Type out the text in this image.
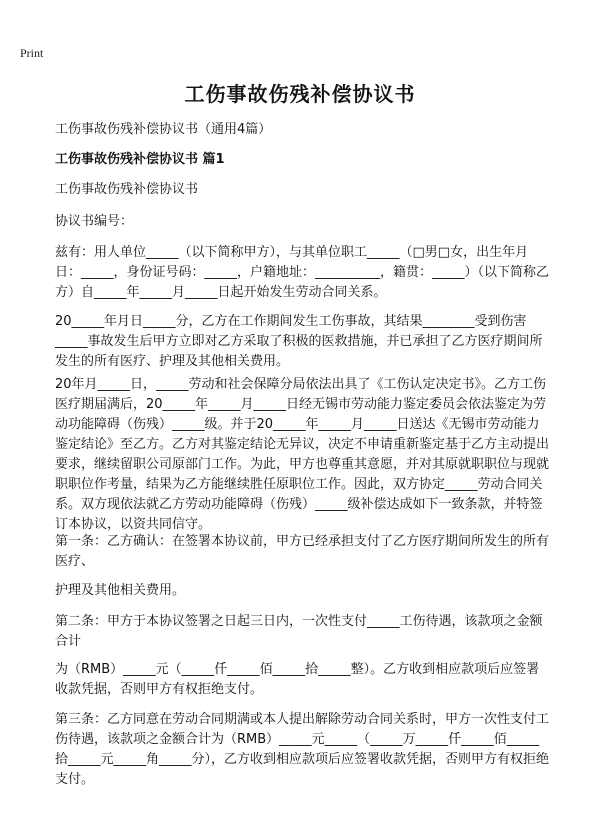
Print
工伤事故伤残补偿协议书

工伤事故伤残补偿协议书（通用4篇）

工伤事故伤残补偿协议书 篇1

工伤事故伤残补偿协议书

协议书编号：

兹有：用人单位_____（以下简称甲方），与其单位职工_____（□男□女，出生年月日：_____，身份证号码：_____，户籍地址：__________，籍贯：_____）（以下简称乙方）自_____年_____月_____日起开始发生劳动合同关系。

20_____年月日_____分，乙方在工作期间发生工伤事故，其结果________受到伤害_____事故发生后甲方立即对乙方采取了积极的医救措施，并已承担了乙方医疗期间所发生的所有医疗、护理及其他相关费用。

20年月_____日，_____劳动和社会保障分局依法出具了《工伤认定决定书》。乙方工伤医疗期届满后，20_____年_____月_____日经无锡市劳动能力鉴定委员会依法鉴定为劳动功能障碍（伤残）_____级。并于20_____年_____月_____日送达《无锡市劳动能力鉴定结论》至乙方。乙方对其鉴定结论无异议，决定不申请重新鉴定基于乙方主动提出要求，继续留职公司原部门工作。为此，甲方也尊重其意愿，并对其原就职职位与现就职职位作考量，结果为乙方能继续胜任原职位工作。因此，双方协定_____劳动合同关系。双方现依法就乙方劳动功能障碍（伤残）_____级补偿达成如下一致条款，并特签订本协议，以资共同信守。

第一条：乙方确认：在签署本协议前，甲方已经承担支付了乙方医疗期间所发生的所有医疗、

护理及其他相关费用。

第二条：甲方于本协议签署之日起三日内，一次性支付_____工伤待遇，该款项之金额合计

为（RMB）_____元（_____仟_____佰_____拾_____整）。乙方收到相应款项后应签署收款凭据，否则甲方有权拒绝支付。

第三条：乙方同意在劳动合同期满或本人提出解除劳动合同关系时，甲方一次性支付工伤待遇，该款项之金额合计为（RMB）_____元_____（_____万_____仟_____佰_____拾_____元_____角_____分），乙方收到相应款项后应签署收款凭据，否则甲方有权拒绝支付。
